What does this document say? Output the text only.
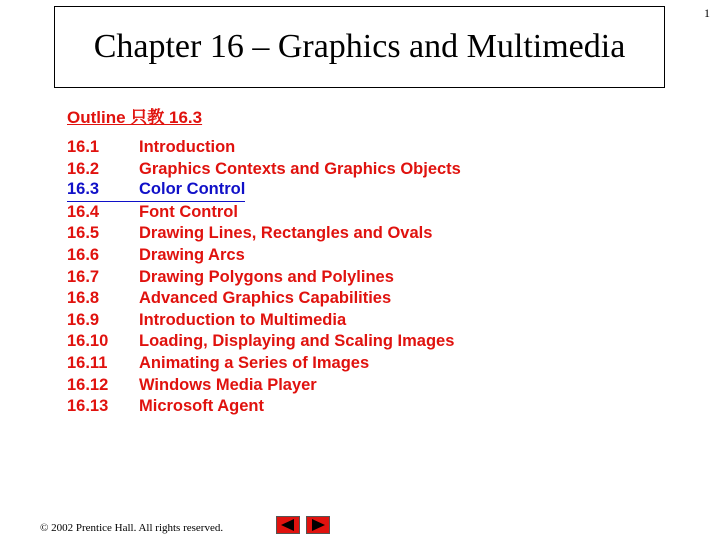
1
Chapter 16 – Graphics and Multimedia
Outline 只教 16.3
16.1	Introduction
16.2	Graphics Contexts and Graphics Objects
16.3	Color Control
16.4	Font Control
16.5	Drawing Lines, Rectangles and Ovals
16.6	Drawing Arcs
16.7	Drawing Polygons and Polylines
16.8	Advanced Graphics Capabilities
16.9	Introduction to Multimedia
16.10	Loading, Displaying and Scaling Images
16.11	Animating a Series of Images
16.12	Windows Media Player
16.13	Microsoft Agent
© 2002 Prentice Hall. All rights reserved.
